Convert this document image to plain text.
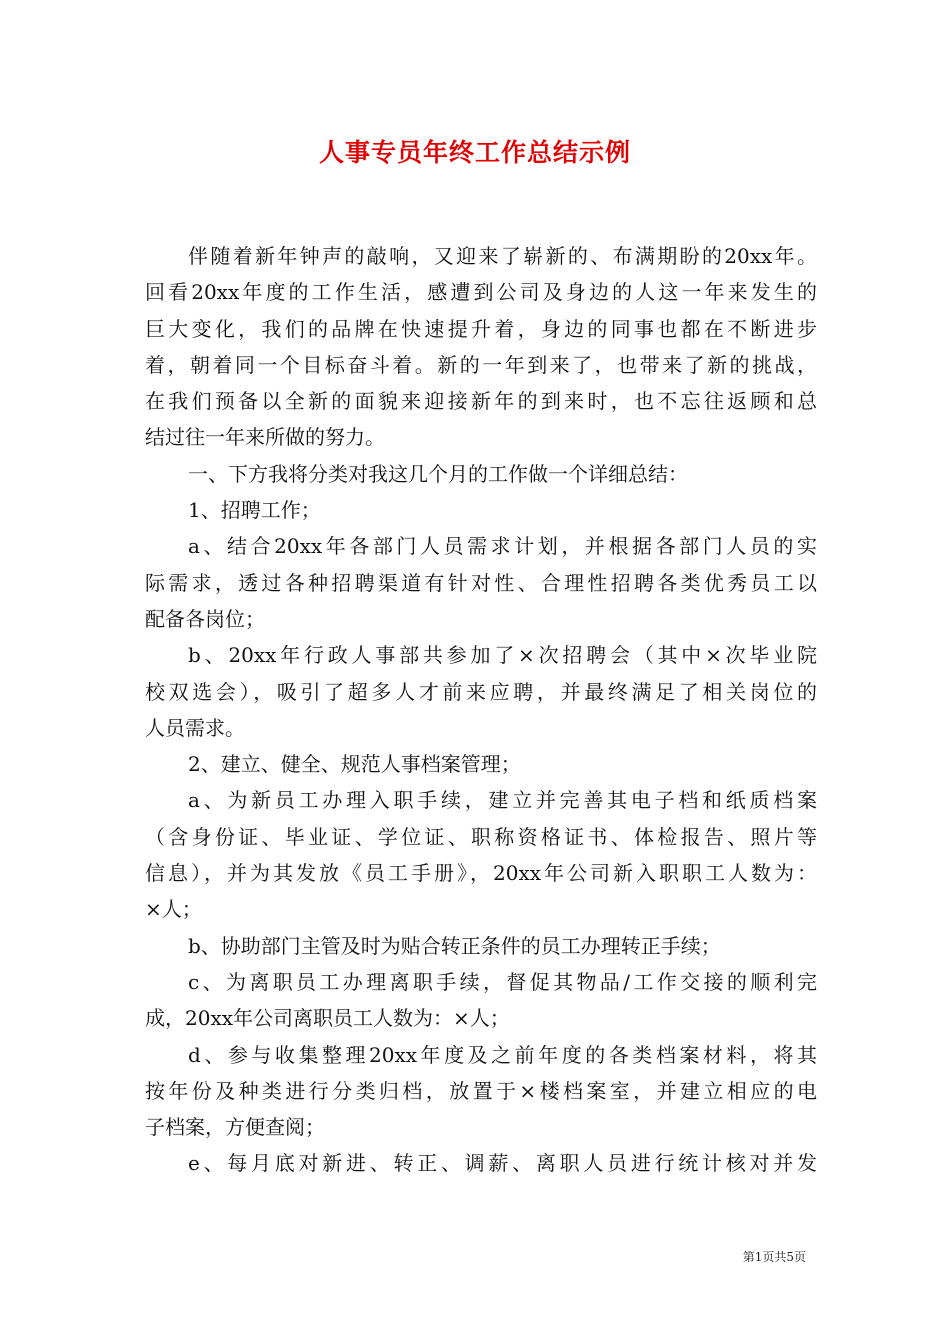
人事专员年终工作总结示例
伴随着新年钟声的敲响，又迎来了崭新的、布满期盼的20xx年。
回看20xx年度的工作生活，感遭到公司及身边的人这一年来发生的
巨大变化，我们的品牌在快速提升着，身边的同事也都在不断进步
着，朝着同一个目标奋斗着。新的一年到来了，也带来了新的挑战，
在我们预备以全新的面貌来迎接新年的到来时，也不忘往返顾和总
结过往一年来所做的努力。
一、下方我将分类对我这几个月的工作做一个详细总结：
1、招聘工作；
a、结合20xx年各部门人员需求计划，并根据各部门人员的实
际需求，透过各种招聘渠道有针对性、合理性招聘各类优秀员工以
配备各岗位；
b、20xx年行政人事部共参加了×次招聘会（其中×次毕业院
校双选会），吸引了超多人才前来应聘，并最终满足了相关岗位的
人员需求。
2、建立、健全、规范人事档案管理；
a、为新员工办理入职手续，建立并完善其电子档和纸质档案
（含身份证、毕业证、学位证、职称资格证书、体检报告、照片等
信息），并为其发放《员工手册》，20xx年公司新入职职工人数为：
×人；
b、协助部门主管及时为贴合转正条件的员工办理转正手续；
c、为离职员工办理离职手续，督促其物品/工作交接的顺利完
成，20xx年公司离职员工人数为：×人；
d、参与收集整理20xx年度及之前年度的各类档案材料，将其
按年份及种类进行分类归档，放置于×楼档案室，并建立相应的电
子档案，方便查阅；
e、每月底对新进、转正、调薪、离职人员进行统计核对并发
第1页共5页
